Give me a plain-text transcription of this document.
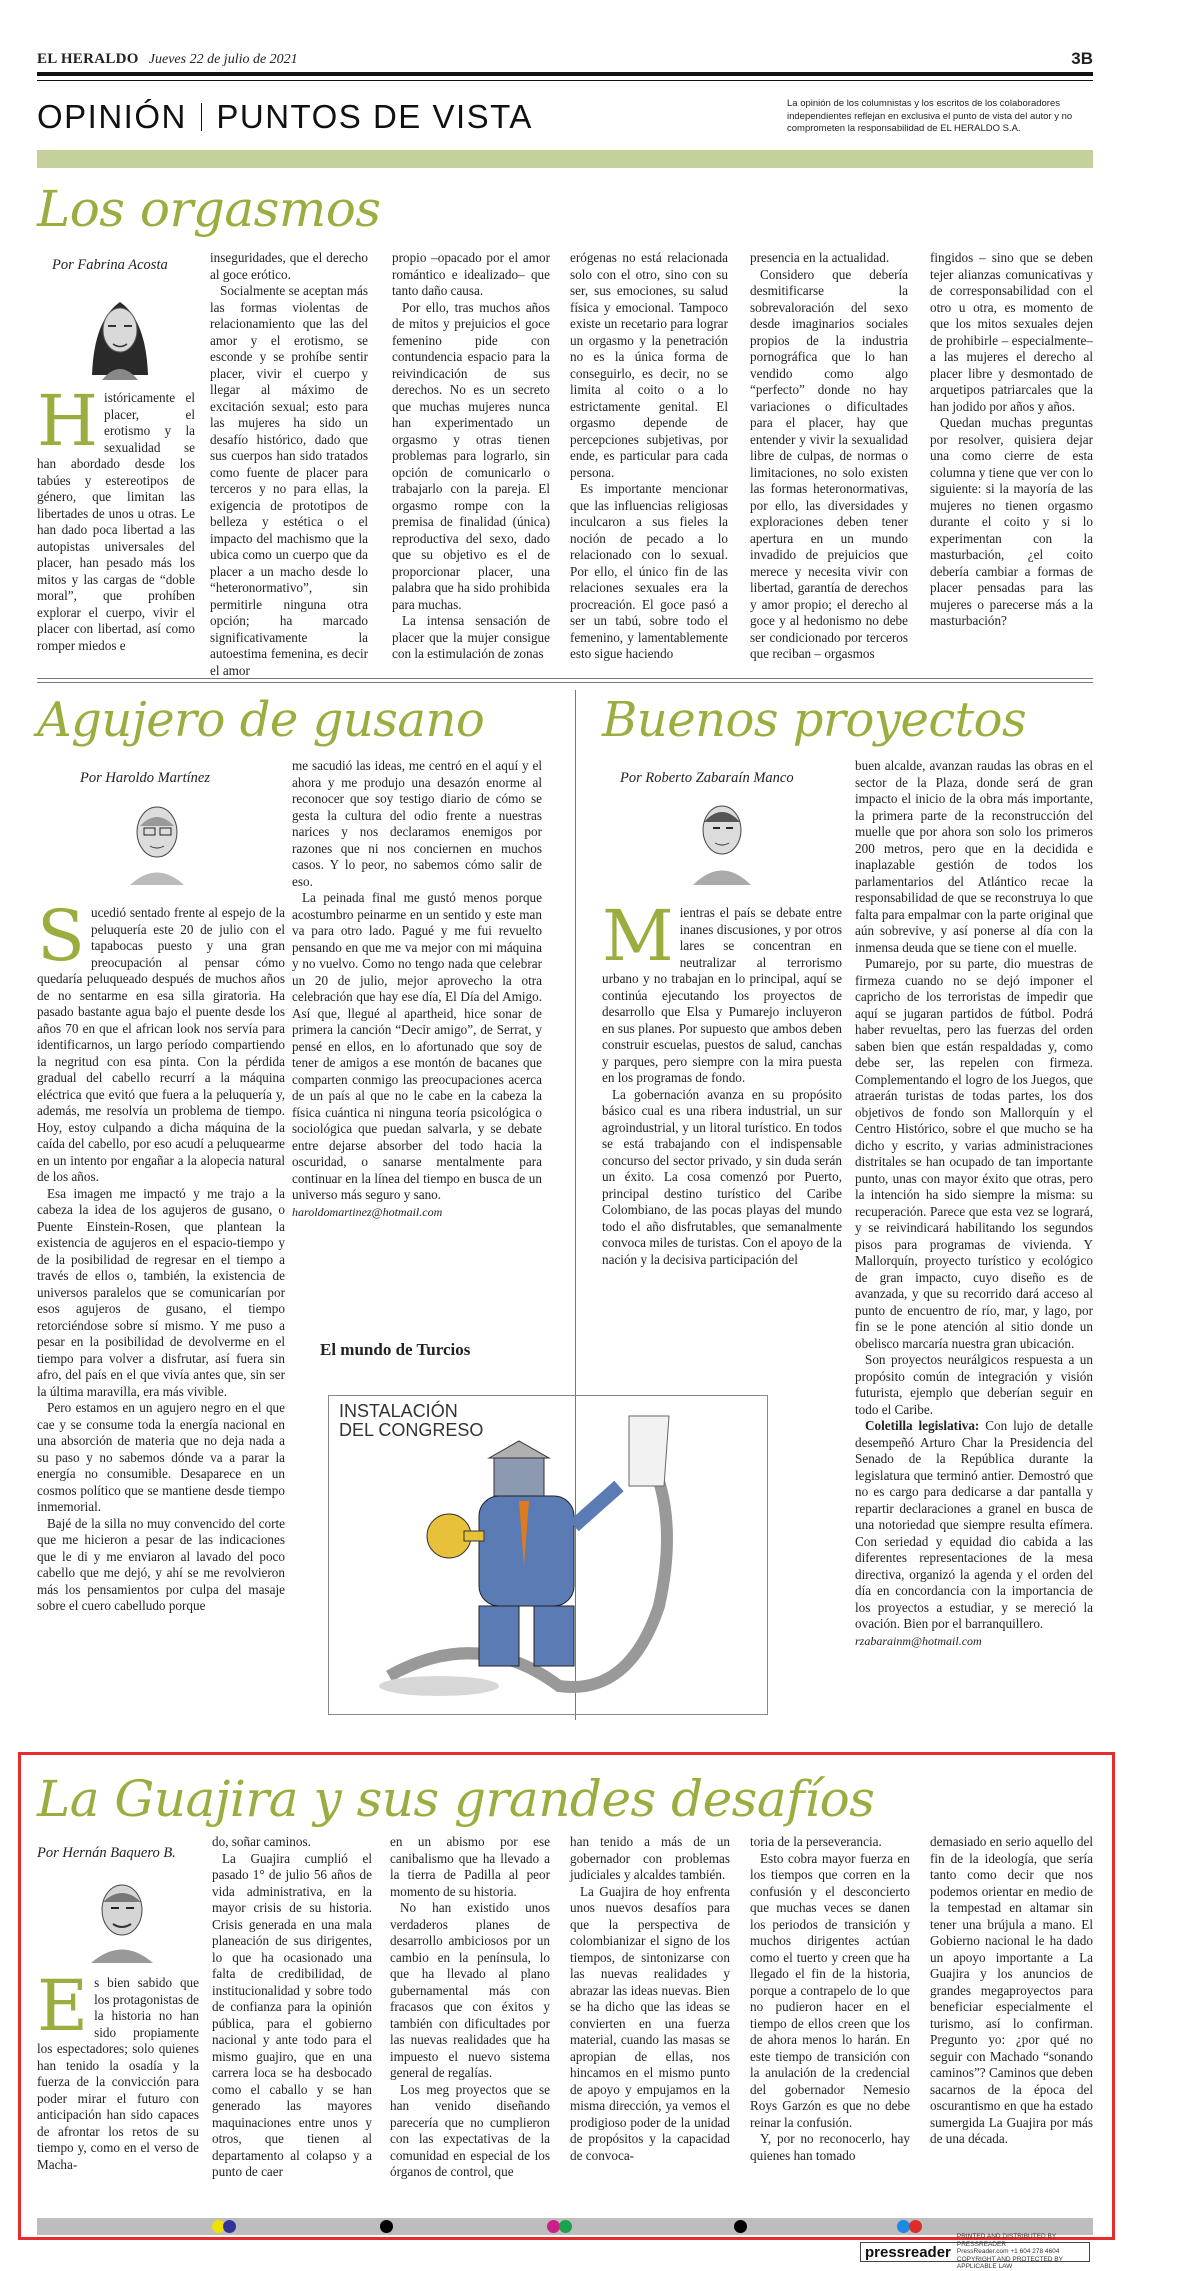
EL HERALDO Jueves 22 de julio de 2021	3B
OPINIÓN PUNTOS DE VISTA	La opinión de los columnistas y los escritos de los colaboradores independientes reflejan en exclusiva el punto de vista del autor y no comprometen la responsabilidad de EL HERALDO S.A.
Los orgasmos
Por Fabrina Acosta
Históricamente el placer, el erotismo y la sexualidad se han abordado desde los tabúes y estereotipos de género, que limitan las libertades de unos u otras. Le han dado poca libertad a las autopistas universales del placer, han pesado más los mitos y las cargas de “doble moral”, que prohíben explorar el cuerpo, vivir el placer con libertad, así como romper miedos e

inseguridades, que el derecho al goce erótico.

Socialmente se aceptan más las formas violentas de relacionamiento que las del amor y el erotismo, se esconde y se prohíbe sentir placer, vivir el cuerpo y llegar al máximo de excitación sexual; esto para las mujeres ha sido un desafío histórico, dado que sus cuerpos han sido tratados como fuente de placer para terceros y no para ellas, la exigencia de prototipos de belleza y estética o el impacto del machismo que la ubica como un cuerpo que da placer a un macho desde lo “heteronormativo”, sin permitirle ninguna otra opción; ha marcado significativamente la autoestima femenina, es decir el amor

propio –opacado por el amor romántico e idealizado– que tanto daño causa.

Por ello, tras muchos años de mitos y prejuicios el goce femenino pide con contundencia espacio para la reivindicación de sus derechos. No es un secreto que muchas mujeres nunca han experimentado un orgasmo y otras tienen problemas para lograrlo, sin opción de comunicarlo o trabajarlo con la pareja. El orgasmo rompe con la premisa de finalidad (única) reproductiva del sexo, dado que su objetivo es el de proporcionar placer, una palabra que ha sido prohibida para muchas.

La intensa sensación de placer que la mujer consigue con la estimulación de zonas

erógenas no está relacionada solo con el otro, sino con su ser, sus emociones, su salud física y emocional. Tampoco existe un recetario para lograr un orgasmo y la penetración no es la única forma de conseguirlo, es decir, no se limita al coito o a lo estrictamente genital. El orgasmo depende de percepciones subjetivas, por ende, es particular para cada persona.

Es importante mencionar que las influencias religiosas inculcaron a sus fieles la noción de pecado a lo relacionado con lo sexual. Por ello, el único fin de las relaciones sexuales era la procreación. El goce pasó a ser un tabú, sobre todo el femenino, y lamentablemente esto sigue haciendo

presencia en la actualidad.

Considero que debería desmitificarse la sobrevaloración del sexo desde imaginarios sociales propios de la industria pornográfica que lo han vendido como algo “perfecto” donde no hay variaciones o dificultades para el placer, hay que entender y vivir la sexualidad libre de culpas, de normas o limitaciones, no solo existen las formas heteronormativas, por ello, las diversidades y exploraciones deben tener apertura en un mundo invadido de prejuicios que merece y necesita vivir con libertad, garantía de derechos y amor propio; el derecho al goce y al hedonismo no debe ser condicionado por terceros que reciban – orgasmos

fingidos – sino que se deben tejer alianzas comunicativas y de corresponsabilidad con el otro u otra, es momento de que los mitos sexuales dejen de prohibirle – especialmente– a las mujeres el derecho al placer libre y desmontado de arquetipos patriarcales que la han jodido por años y años.

Quedan muchas preguntas por resolver, quisiera dejar una como cierre de esta columna y tiene que ver con lo siguiente: si la mayoría de las mujeres no tienen orgasmo durante el coito y si lo experimentan con la masturbación, ¿el coito debería cambiar a formas de placer pensadas para las mujeres o parecerse más a la masturbación?

Agujero de gusano
Por Haroldo Martínez

Sucedió sentado frente al espejo de la peluquería este 20 de julio con el tapabocas puesto y una gran preocupación al pensar cómo quedaría peluqueado después de muchos años de no sentarme en esa silla giratoria. Ha pasado bastante agua bajo el puente desde los años 70 en que el african look nos servía para identificarnos, un largo período compartiendo la negritud con esa pinta. Con la pérdida gradual del cabello recurrí a la máquina eléctrica que evitó que fuera a la peluquería y, además, me resolvía un problema de tiempo. Hoy, estoy culpando a dicha máquina de la caída del cabello, por eso acudí a peluquearme en un intento por engañar a la alopecia natural de los años.

Esa imagen me impactó y me trajo a la cabeza la idea de los agujeros de gusano, o Puente Einstein-Rosen, que plantean la existencia de agujeros en el espacio-tiempo y de la posibilidad de regresar en el tiempo a través de ellos o, también, la existencia de universos paralelos que se comunicarían por esos agujeros de gusano, el tiempo retorciéndose sobre sí mismo. Y me puso a pesar en la posibilidad de devolverme en el tiempo para volver a disfrutar, así fuera sin afro, del país en el que vivía antes que, sin ser la última maravilla, era más vivible.

Pero estamos en un agujero negro en el que cae y se consume toda la energía nacional en una absorción de materia que no deja nada a su paso y no sabemos dónde va a parar la energía no consumible. Desaparece en un cosmos político que se mantiene desde tiempo inmemorial.

Bajé de la silla no muy convencido del corte que me hicieron a pesar de las indicaciones que le di y me enviaron al lavado del poco cabello que me dejó, y ahí se me revolvieron más los pensamientos por culpa del masaje sobre el cuero cabelludo porque

me sacudió las ideas, me centró en el aquí y el ahora y me produjo una desazón enorme al reconocer que soy testigo diario de cómo se gesta la cultura del odio frente a nuestras narices y nos declaramos enemigos por razones que ni nos conciernen en muchos casos. Y lo peor, no sabemos cómo salir de eso.

La peinada final me gustó menos porque acostumbro peinarme en un sentido y este man va para otro lado. Pagué y me fui revuelto pensando en que me va mejor con mi máquina y no vuelvo. Como no tengo nada que celebrar un 20 de julio, mejor aprovecho la otra celebración que hay ese día, El Día del Amigo. Así que, llegué al apartheid, hice sonar de primera la canción “Decir amigo”, de Serrat, y pensé en ellos, en lo afortunado que soy de tener de amigos a ese montón de bacanes que comparten conmigo las preocupaciones acerca de un país al que no le cabe en la cabeza la física cuántica ni ninguna teoría psicológica o sociológica que puedan salvarla, y se debate entre dejarse absorber del todo hacia la oscuridad, o sanarse mentalmente para continuar en la línea del tiempo en busca de un universo más seguro y sano.

haroldomartinez@hotmail.com

El mundo de Turcios
INSTALACIÓN
DEL CONGRESO
Buenos proyectos
Por Roberto Zabaraín Manco

Mientras el país se debate entre inanes discusiones, y por otros lares se concentran en neutralizar al terrorismo urbano y no trabajan en lo principal, aquí se continúa ejecutando los proyectos de desarrollo que Elsa y Pumarejo incluyeron en sus planes. Por supuesto que ambos deben construir escuelas, puestos de salud, canchas y parques, pero siempre con la mira puesta en los programas de fondo.

La gobernación avanza en su propósito básico cual es una ribera industrial, un sur agroindustrial, y un litoral turístico. En todos se está trabajando con el indispensable concurso del sector privado, y sin duda serán un éxito. La cosa comenzó por Puerto, principal destino turístico del Caribe Colombiano, de las pocas playas del mundo todo el año disfrutables, que semanalmente convoca miles de turistas. Con el apoyo de la nación y la decisiva participación del

buen alcalde, avanzan raudas las obras en el sector de la Plaza, donde será de gran impacto el inicio de la obra más importante, la primera parte de la reconstrucción del muelle que por ahora son solo los primeros 200 metros, pero que en la decidida e inaplazable gestión de todos los parlamentarios del Atlántico recae la responsabilidad de que se reconstruya lo que falta para empalmar con la parte original que aún sobrevive, y así ponerse al día con la inmensa deuda que se tiene con el muelle.

Pumarejo, por su parte, dio muestras de firmeza cuando no se dejó imponer el capricho de los terroristas de impedir que aquí se jugaran partidos de fútbol. Podrá haber revueltas, pero las fuerzas del orden saben bien que están respaldadas y, como debe ser, las repelen con firmeza. Complementando el logro de los Juegos, que atraerán turistas de todas partes, los dos objetivos de fondo son Mallorquín y el Centro Histórico, sobre el que mucho se ha dicho y escrito, y varias administraciones distritales se han ocupado de tan importante punto, unas con mayor éxito que otras, pero la intención ha sido siempre la misma: su recuperación. Parece que esta vez se logrará, y se reivindicará habilitando los segundos pisos para programas de vivienda. Y Mallorquín, proyecto turístico y ecológico de gran impacto, cuyo diseño es de avanzada, y que su recorrido dará acceso al punto de encuentro de río, mar, y lago, por fin se le pone atención al sitio donde un obelisco marcaría nuestra gran ubicación.

Son proyectos neurálgicos respuesta a un propósito común de integración y visión futurista, ejemplo que deberían seguir en todo el Caribe.

Coletilla legislativa: Con lujo de detalle desempeñó Arturo Char la Presidencia del Senado de la República durante la legislatura que terminó antier. Demostró que no es cargo para dedicarse a dar pantalla y repartir declaraciones a granel en busca de una notoriedad que siempre resulta efímera. Con seriedad y equidad dio cabida a las diferentes representaciones de la mesa directiva, organizó la agenda y el orden del día en concordancia con la importancia de los proyectos a estudiar, y se mereció la ovación. Bien por el barranquillero.

rzabarainm@hotmail.com

La Guajira y sus grandes desafíos
Por Hernán Baquero B.
Es bien sabido que los protagonistas de la historia no han sido propiamente los espectadores; solo quienes han tenido la osadía y la fuerza de la convicción para poder mirar el futuro con anticipación han sido capaces de afrontar los retos de su tiempo y, como en el verso de Macha-

do, soñar caminos.

La Guajira cumplió el pasado 1° de julio 56 años de vida administrativa, en la mayor crisis de su historia. Crisis generada en una mala planeación de sus dirigentes, lo que ha ocasionado una falta de credibilidad, de institucionalidad y sobre todo de confianza para la opinión pública, para el gobierno nacional y ante todo para el mismo guajiro, que en una carrera loca se ha desbocado como el caballo y se han generado las mayores maquinaciones entre unos y otros, que tienen al departamento al colapso y a punto de caer

en un abismo por ese canibalismo que ha llevado a la tierra de Padilla al peor momento de su historia.

No han existido unos verdaderos planes de desarrollo ambiciosos por un cambio en la península, lo que ha llevado al plano gubernamental más con fracasos que con éxitos y también con dificultades por las nuevas realidades que ha impuesto el nuevo sistema general de regalías.

Los meg proyectos que se han venido diseñando parecería que no cumplieron con las expectativas de la comunidad en especial de los órganos de control, que

han tenido a más de un gobernador con problemas judiciales y alcaldes también.

La Guajira de hoy enfrenta unos nuevos desafíos para que la perspectiva de colombianizar el signo de los tiempos, de sintonizarse con las nuevas realidades y abrazar las ideas nuevas. Bien se ha dicho que las ideas se convierten en una fuerza material, cuando las masas se apropian de ellas, nos hincamos en el mismo punto de apoyo y empujamos en la misma dirección, ya vemos el prodigioso poder de la unidad de propósitos y la capacidad de convoca-

toria de la perseverancia.

Esto cobra mayor fuerza en los tiempos que corren en la confusión y el desconcierto que muchas veces se danen los periodos de transición y muchos dirigentes actúan como el tuerto y creen que ha llegado el fin de la historia, porque a contrapelo de lo que no pudieron hacer en el tiempo de ellos creen que los de ahora menos lo harán. En este tiempo de transición con la anulación de la credencial del gobernador Nemesio Roys Garzón es que no debe reinar la confusión.

Y, por no reconocerlo, hay quienes han tomado

demasiado en serio aquello del fin de la ideología, que sería tanto como decir que nos podemos orientar en medio de la tempestad en altamar sin tener una brújula a mano. El Gobierno nacional le ha dado un apoyo importante a La Guajira y los anuncios de grandes megaproyectos para beneficiar especialmente el turismo, así lo confirman. Pregunto yo: ¿por qué no seguir con Machado “sonando caminos”? Caminos que deben sacarnos de la época del oscurantismo en que ha estado sumergida La Guajira por más de una década.

pressreader
PRINTED AND DISTRIBUTED BY PRESSREADER
PressReader.com +1 604 278 4604
COPYRIGHT AND PROTECTED BY APPLICABLE LAW
